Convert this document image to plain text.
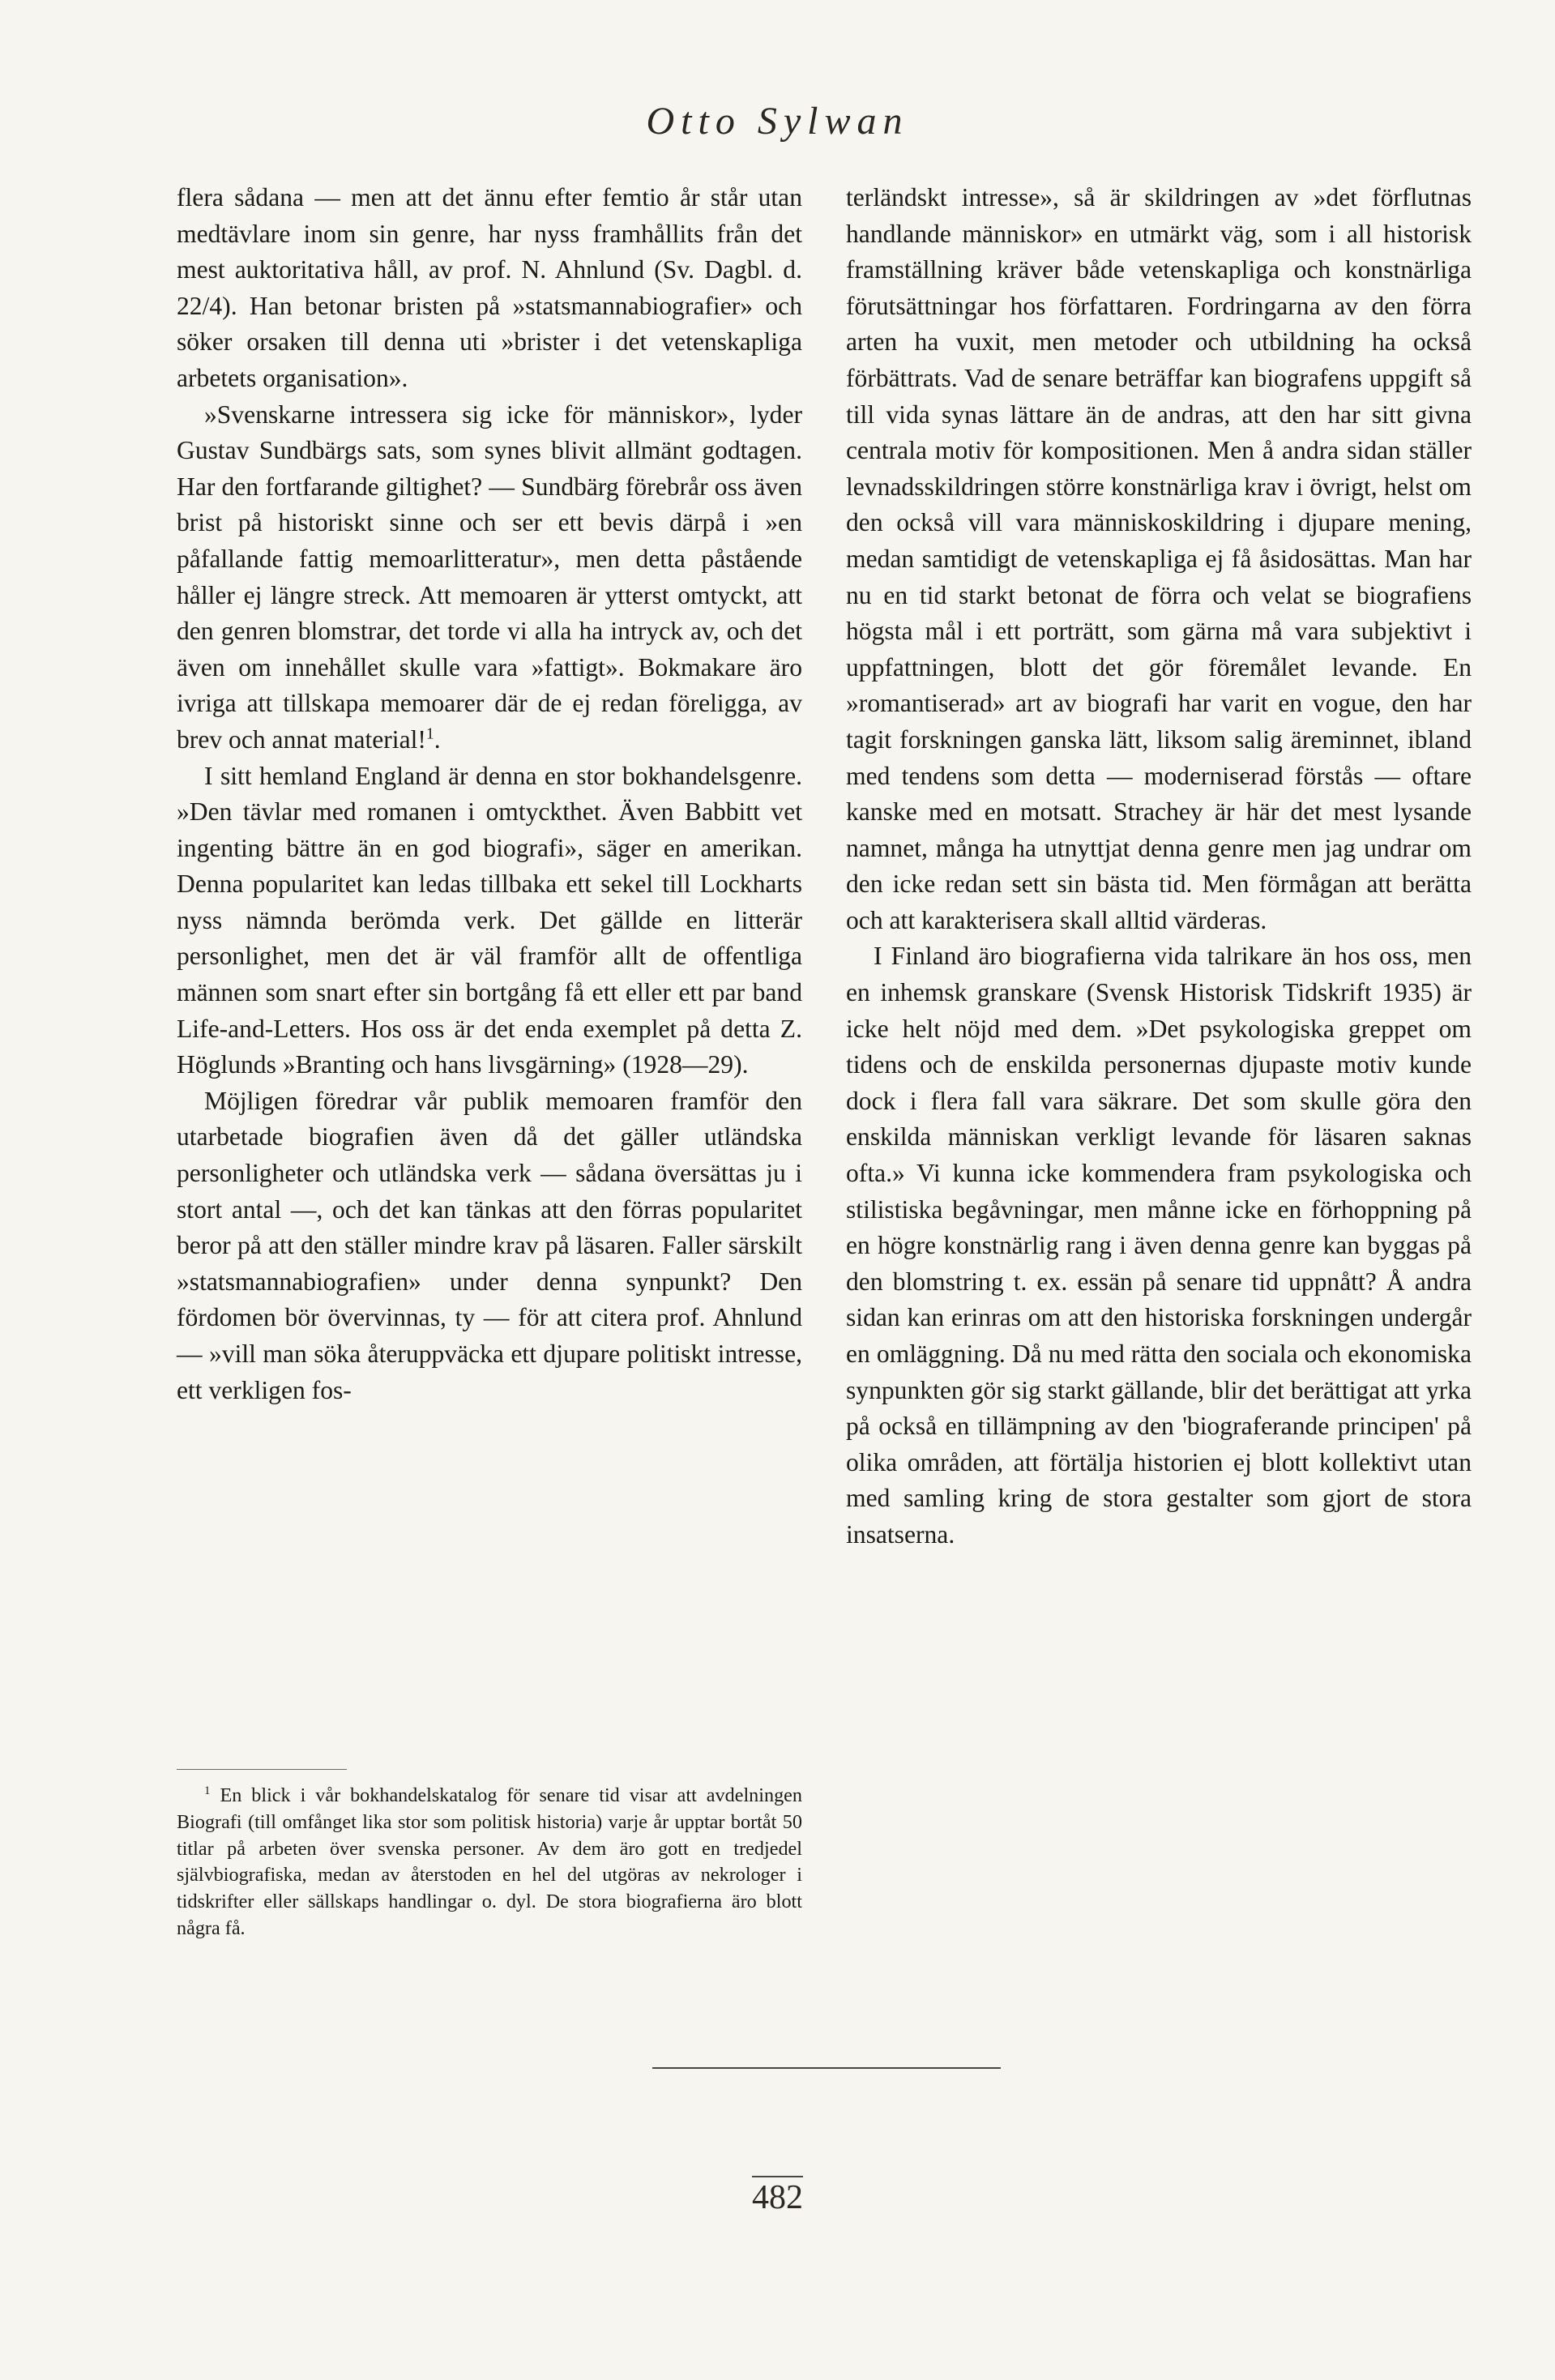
Otto Sylwan

flera sådana — men att det ännu efter femtio år står utan medtävlare inom sin genre, har nyss framhållits från det mest auktoritativa håll, av prof. N. Ahnlund (Sv. Dagbl. d. 22/4). Han betonar bristen på »statsmannabiografier» och söker orsaken till denna uti »brister i det vetenskapliga arbetets organisation».

»Svenskarne intressera sig icke för människor», lyder Gustav Sundbärgs sats, som synes blivit allmänt godtagen. Har den fortfarande giltighet? — Sundbärg förebrår oss även brist på historiskt sinne och ser ett bevis därpå i »en påfallande fattig memoarlitteratur», men detta påstående håller ej längre streck. Att memoaren är ytterst omtyckt, att den genren blomstrar, det torde vi alla ha intryck av, och det även om innehållet skulle vara »fattigt». Bokmakare äro ivriga att tillskapa memoarer där de ej redan föreligga, av brev och annat material!$^1$.

I sitt hemland England är denna en stor bokhandelsgenre. »Den tävlar med romanen i omtyckthet. Även Babbitt vet ingenting bättre än en god biografi», säger en amerikan. Denna popularitet kan ledas tillbaka ett sekel till Lockharts nyss nämnda berömda verk. Det gällde en litterär personlighet, men det är väl framför allt de offentliga männen som snart efter sin bortgång få ett eller ett par band Life-and-Letters. Hos oss är det enda exemplet på detta Z. Höglunds »Branting och hans livsgärning» (1928—29).

Möjligen föredrar vår publik memoaren framför den utarbetade biografien även då det gäller utländska personligheter och utländska verk — sådana översättas ju i stort antal —, och det kan tänkas att den förras popularitet beror på att den ställer mindre krav på läsaren. Faller särskilt »statsmannabiografien» under denna synpunkt? Den fördomen bör övervinnas, ty — för att citera prof. Ahnlund — »vill man söka återuppväcka ett djupare politiskt intresse, ett verkligen fos-

$^1$ En blick i vår bokhandelskatalog för senare tid visar att avdelningen Biografi (till omfånget lika stor som politisk historia) varje år upptar bortåt 50 titlar på arbeten över svenska personer. Av dem äro gott en tredjedel självbiografiska, medan av återstoden en hel del utgöras av nekrologer i tidskrifter eller sällskaps handlingar o. dyl. De stora biografierna äro blott några få.

terländskt intresse», så är skildringen av »det förflutnas handlande människor» en utmärkt väg, som i all historisk framställning kräver både vetenskapliga och konstnärliga förutsättningar hos författaren. Fordringarna av den förra arten ha vuxit, men metoder och utbildning ha också förbättrats. Vad de senare beträffar kan biografens uppgift så till vida synas lättare än de andras, att den har sitt givna centrala motiv för kompositionen. Men å andra sidan ställer levnadsskildringen större konstnärliga krav i övrigt, helst om den också vill vara människoskildring i djupare mening, medan samtidigt de vetenskapliga ej få åsidosättas. Man har nu en tid starkt betonat de förra och velat se biografiens högsta mål i ett porträtt, som gärna må vara subjektivt i uppfattningen, blott det gör föremålet levande. En »romantiserad» art av biografi har varit en vogue, den har tagit forskningen ganska lätt, liksom salig äreminnet, ibland med tendens som detta — moderniserad förstås — oftare kanske med en motsatt. Strachey är här det mest lysande namnet, många ha utnyttjat denna genre men jag undrar om den icke redan sett sin bästa tid. Men förmågan att berätta och att karakterisera skall alltid värderas.

I Finland äro biografierna vida talrikare än hos oss, men en inhemsk granskare (Svensk Historisk Tidskrift 1935) är icke helt nöjd med dem. »Det psykologiska greppet om tidens och de enskilda personernas djupaste motiv kunde dock i flera fall vara säkrare. Det som skulle göra den enskilda människan verkligt levande för läsaren saknas ofta.» Vi kunna icke kommendera fram psykologiska och stilistiska begåvningar, men månne icke en förhoppning på en högre konstnärlig rang i även denna genre kan byggas på den blomstring t. ex. essän på senare tid uppnått? Å andra sidan kan erinras om att den historiska forskningen undergår en omläggning. Då nu med rätta den sociala och ekonomiska synpunkten gör sig starkt gällande, blir det berättigat att yrka på också en tillämpning av den 'biograferande principen' på olika områden, att förtälja historien ej blott kollektivt utan med samling kring de stora gestalter som gjort de stora insatserna.

482
